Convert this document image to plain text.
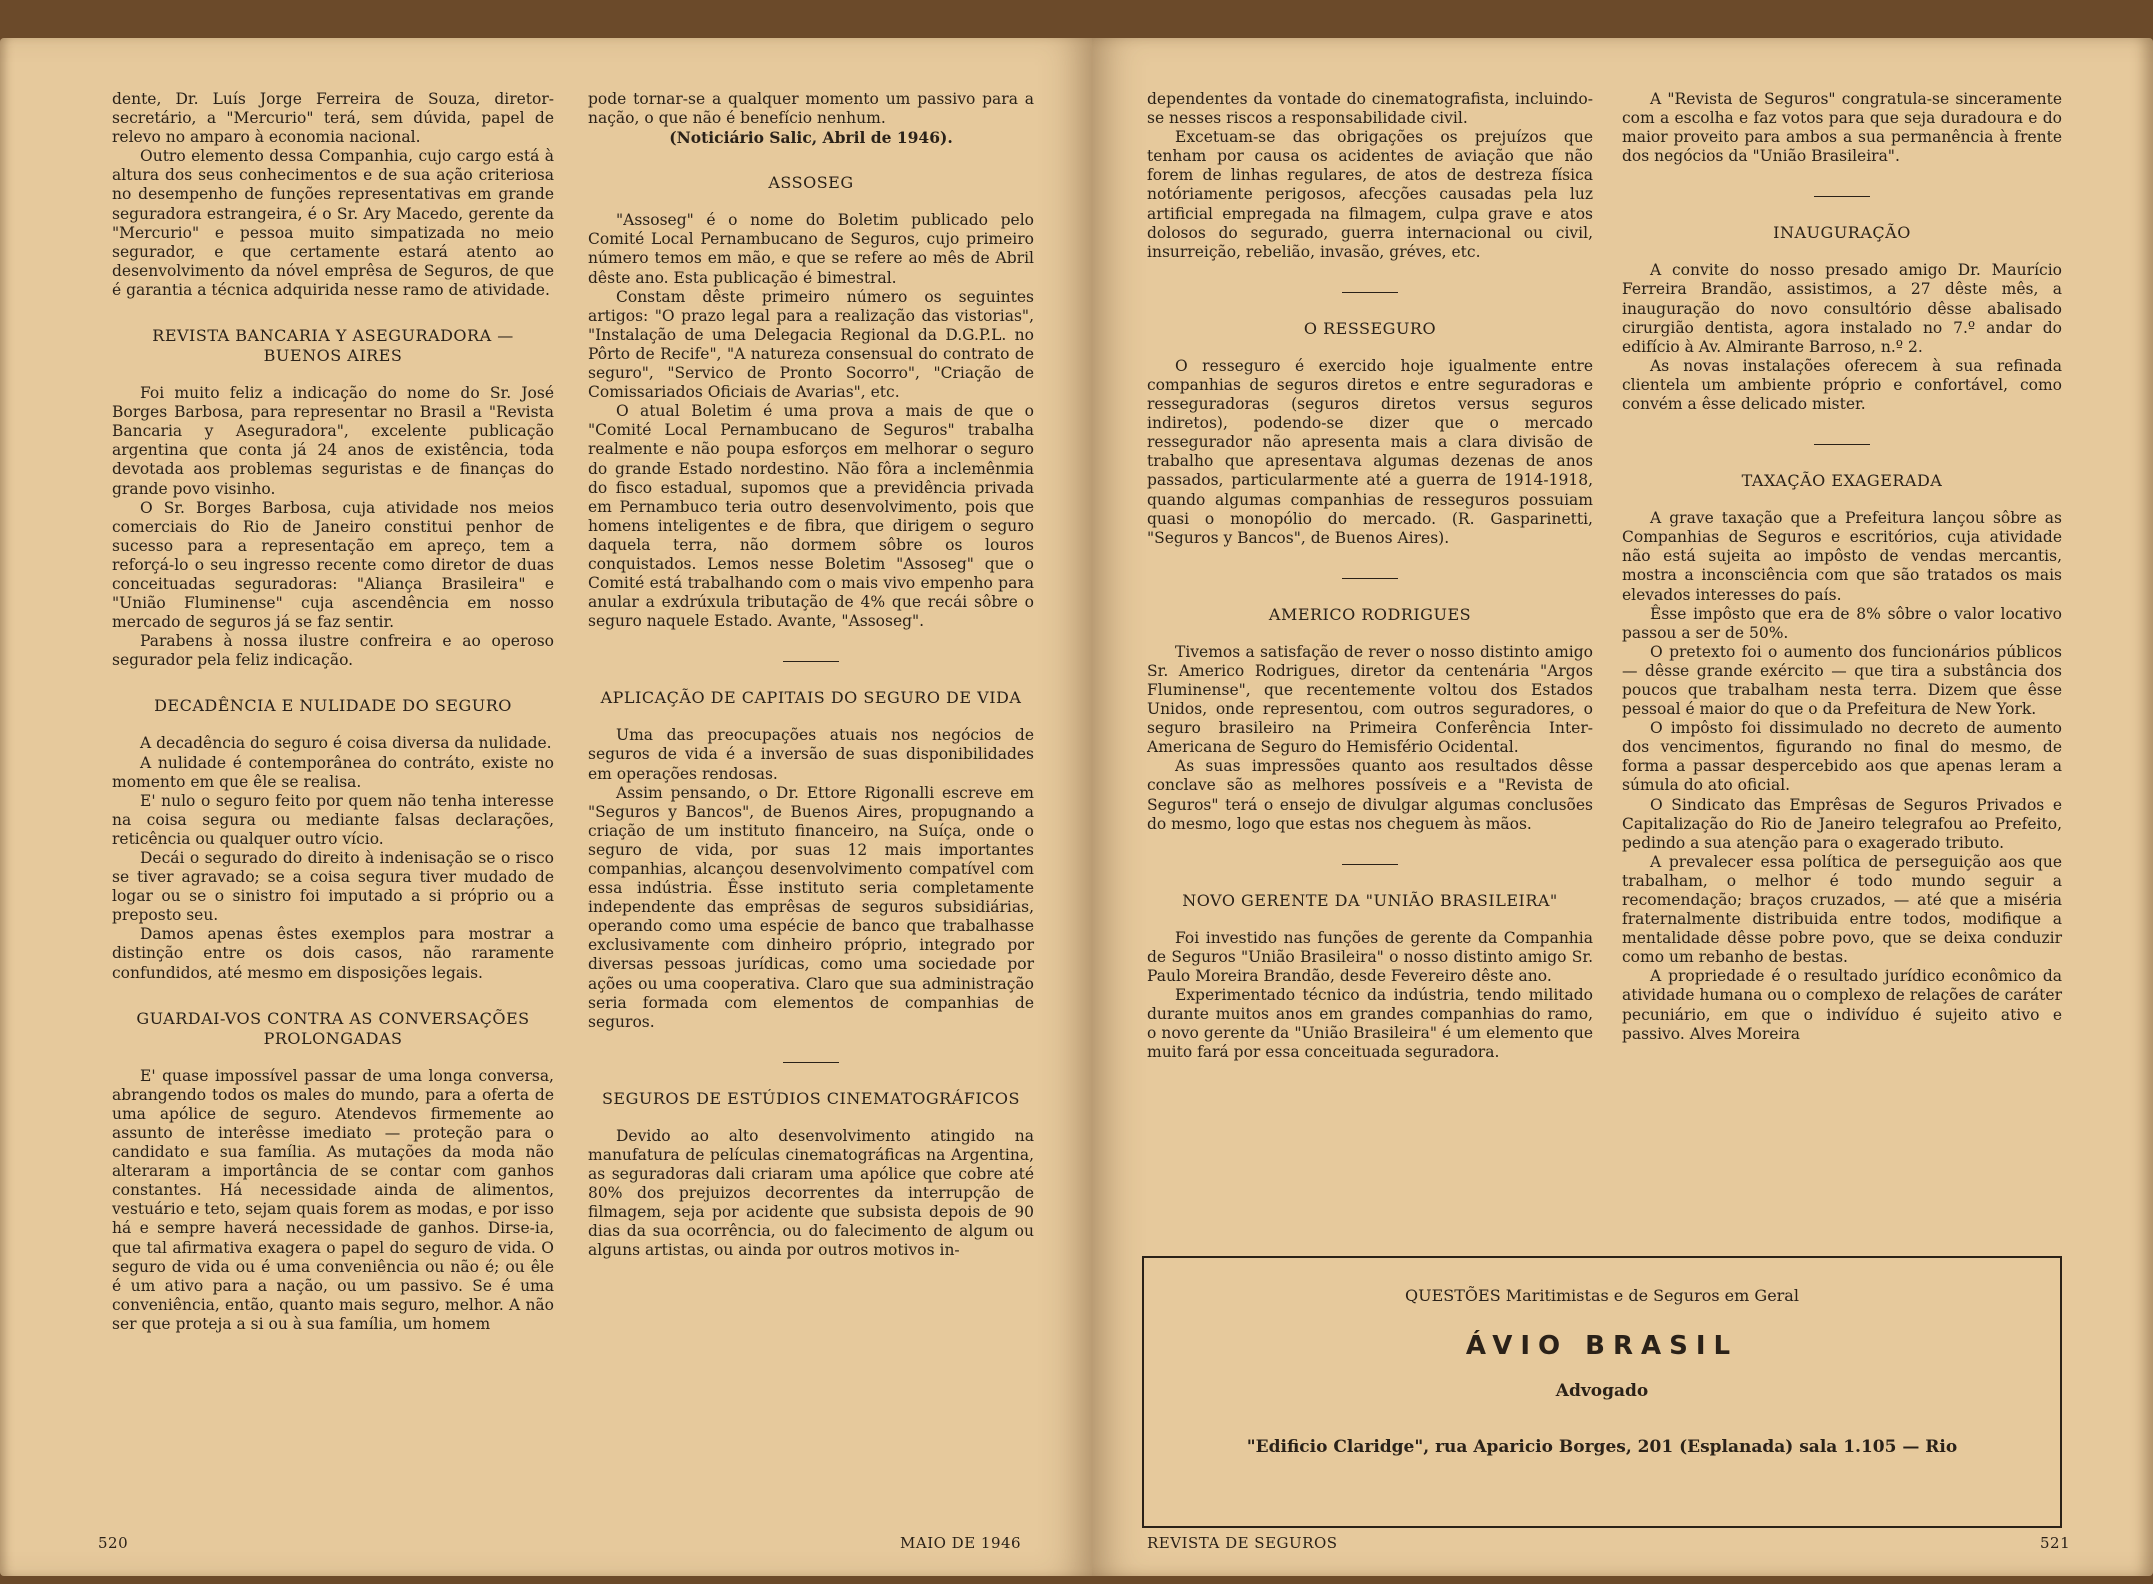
dente, Dr. Luís Jorge Ferreira de Souza, diretor-secretário, a "Mercurio" terá, sem dúvida, papel de relevo no amparo à economia nacional.

Outro elemento dessa Companhia, cujo cargo está à altura dos seus conhecimentos e de sua ação criteriosa no desempenho de funções representativas em grande seguradora estrangeira, é o Sr. Ary Macedo, gerente da "Mercurio" e pessoa muito simpatizada no meio segurador, e que certamente estará atento ao desenvolvimento da nóvel emprêsa de Seguros, de que é garantia a técnica adquirida nesse ramo de atividade.

REVISTA BANCARIA Y ASEGURADORA — BUENOS AIRES

Foi muito feliz a indicação do nome do Sr. José Borges Barbosa, para representar no Brasil a "Revista Bancaria y Aseguradora", excelente publicação argentina que conta já 24 anos de existência, toda devotada aos problemas seguristas e de finanças do grande povo visinho.

O Sr. Borges Barbosa, cuja atividade nos meios comerciais do Rio de Janeiro constitui penhor de sucesso para a representação em apreço, tem a reforçá-lo o seu ingresso recente como diretor de duas conceituadas seguradoras: "Aliança Brasileira" e "União Fluminense" cuja ascendência em nosso mercado de seguros já se faz sentir.

Parabens à nossa ilustre confreira e ao operoso segurador pela feliz indicação.

DECADÊNCIA E NULIDADE DO SEGURO

A decadência do seguro é coisa diversa da nulidade.

A nulidade é contemporânea do contráto, existe no momento em que êle se realisa.

E' nulo o seguro feito por quem não tenha interesse na coisa segura ou mediante falsas declarações, reticência ou qualquer outro vício.

Decái o segurado do direito à indenisação se o risco se tiver agravado; se a coisa segura tiver mudado de logar ou se o sinistro foi imputado a si próprio ou a preposto seu.

Damos apenas êstes exemplos para mostrar a distinção entre os dois casos, não raramente confundidos, até mesmo em disposições legais.

GUARDAI-VOS CONTRA AS CONVERSAÇÕES PROLONGADAS

E' quase impossível passar de uma longa conversa, abrangendo todos os males do mundo, para a oferta de uma apólice de seguro. Atendevos firmemente ao assunto de interêsse imediato — proteção para o candidato e sua família. As mutações da moda não alteraram a importância de se contar com ganhos constantes. Há necessidade ainda de alimentos, vestuário e teto, sejam quais forem as modas, e por isso há e sempre haverá necessidade de ganhos. Dirse-ia, que tal afirmativa exagera o papel do seguro de vida. O seguro de vida ou é uma conveniência ou não é; ou êle é um ativo para a nação, ou um passivo. Se é uma conveniência, então, quanto mais seguro, melhor. A não ser que proteja a si ou à sua família, um homem

pode tornar-se a qualquer momento um passivo para a nação, o que não é benefício nenhum.

(Noticiário Salic, Abril de 1946).

ASSOSEG

"Assoseg" é o nome do Boletim publicado pelo Comité Local Pernambucano de Seguros, cujo primeiro número temos em mão, e que se refere ao mês de Abril dêste ano. Esta publicação é bimestral.

Constam dêste primeiro número os seguintes artigos: "O prazo legal para a realização das vistorias", "Instalação de uma Delegacia Regional da D.G.P.L. no Pôrto de Recife", "A natureza consensual do contrato de seguro", "Servico de Pronto Socorro", "Criação de Comissariados Oficiais de Avarias", etc.

O atual Boletim é uma prova a mais de que o "Comité Local Pernambucano de Seguros" trabalha realmente e não poupa esforços em melhorar o seguro do grande Estado nordestino. Não fôra a inclemênmia do fisco estadual, supomos que a previdência privada em Pernambuco teria outro desenvolvimento, pois que homens inteligentes e de fibra, que dirigem o seguro daquela terra, não dormem sôbre os louros conquistados. Lemos nesse Boletim "Assoseg" que o Comité está trabalhando com o mais vivo empenho para anular a exdrúxula tributação de 4% que recái sôbre o seguro naquele Estado. Avante, "Assoseg".

APLICAÇÃO DE CAPITAIS DO SEGURO DE VIDA

Uma das preocupações atuais nos negócios de seguros de vida é a inversão de suas disponibilidades em operações rendosas.

Assim pensando, o Dr. Ettore Rigonalli escreve em "Seguros y Bancos", de Buenos Aires, propugnando a criação de um instituto financeiro, na Suíça, onde o seguro de vida, por suas 12 mais importantes companhias, alcançou desenvolvimento compatível com essa indústria. Êsse instituto seria completamente independente das emprêsas de seguros subsidiárias, operando como uma espécie de banco que trabalhasse exclusivamente com dinheiro próprio, integrado por diversas pessoas jurídicas, como uma sociedade por ações ou uma cooperativa. Claro que sua administração seria formada com elementos de companhias de seguros.

SEGUROS DE ESTÚDIOS CINEMATOGRÁFICOS

Devido ao alto desenvolvimento atingido na manufatura de películas cinematográficas na Argentina, as seguradoras dali criaram uma apólice que cobre até 80% dos prejuizos decorrentes da interrupção de filmagem, seja por acidente que subsista depois de 90 dias da sua ocorrência, ou do falecimento de algum ou alguns artistas, ou ainda por outros motivos in-

520	MAIO DE 1946

dependentes da vontade do cinematografista, incluindo-se nesses riscos a responsabilidade civil.

Excetuam-se das obrigações os prejuízos que tenham por causa os acidentes de aviação que não forem de linhas regulares, de atos de destreza física notóriamente perigosos, afecções causadas pela luz artificial empregada na filmagem, culpa grave e atos dolosos do segurado, guerra internacional ou civil, insurreição, rebelião, invasão, gréves, etc.

O RESSEGURO

O resseguro é exercido hoje igualmente entre companhias de seguros diretos e entre seguradoras e resseguradoras (seguros diretos versus seguros indiretos), podendo-se dizer que o mercado ressegurador não apresenta mais a clara divisão de trabalho que apresentava algumas dezenas de anos passados, particularmente até a guerra de 1914-1918, quando algumas companhias de resseguros possuiam quasi o monopólio do mercado. (R. Gasparinetti, "Seguros y Bancos", de Buenos Aires).

AMERICO RODRIGUES

Tivemos a satisfação de rever o nosso distinto amigo Sr. Americo Rodrigues, diretor da centenária "Argos Fluminense", que recentemente voltou dos Estados Unidos, onde representou, com outros seguradores, o seguro brasileiro na Primeira Conferência Inter-Americana de Seguro do Hemisfério Ocidental.

As suas impressões quanto aos resultados dêsse conclave são as melhores possíveis e a "Revista de Seguros" terá o ensejo de divulgar algumas conclusões do mesmo, logo que estas nos cheguem às mãos.

NOVO GERENTE DA "UNIÃO BRASILEIRA"

Foi investido nas funções de gerente da Companhia de Seguros "União Brasileira" o nosso distinto amigo Sr. Paulo Moreira Brandão, desde Fevereiro dêste ano.

Experimentado técnico da indústria, tendo militado durante muitos anos em grandes companhias do ramo, o novo gerente da "União Brasileira" é um elemento que muito fará por essa conceituada seguradora.

A "Revista de Seguros" congratula-se sinceramente com a escolha e faz votos para que seja duradoura e do maior proveito para ambos a sua permanência à frente dos negócios da "União Brasileira".

INAUGURAÇÃO

A convite do nosso presado amigo Dr. Maurício Ferreira Brandão, assistimos, a 27 dêste mês, a inauguração do novo consultório dêsse abalisado cirurgião dentista, agora instalado no 7.º andar do edifício à Av. Almirante Barroso, n.º 2.

As novas instalações oferecem à sua refinada clientela um ambiente próprio e confortável, como convém a êsse delicado mister.

TAXAÇÃO EXAGERADA

A grave taxação que a Prefeitura lançou sôbre as Companhias de Seguros e escritórios, cuja atividade não está sujeita ao impôsto de vendas mercantis, mostra a inconsciência com que são tratados os mais elevados interesses do país.

Êsse impôsto que era de 8% sôbre o valor locativo passou a ser de 50%.

O pretexto foi o aumento dos funcionários públicos — dêsse grande exército — que tira a substância dos poucos que trabalham nesta terra. Dizem que êsse pessoal é maior do que o da Prefeitura de New York.

O impôsto foi dissimulado no decreto de aumento dos vencimentos, figurando no final do mesmo, de forma a passar despercebido aos que apenas leram a súmula do ato oficial.

O Sindicato das Emprêsas de Seguros Privados e Capitalização do Rio de Janeiro telegrafou ao Prefeito, pedindo a sua atenção para o exagerado tributo.

A prevalecer essa política de perseguição aos que trabalham, o melhor é todo mundo seguir a recomendação; braços cruzados, — até que a miséria fraternalmente distribuida entre todos, modifique a mentalidade dêsse pobre povo, que se deixa conduzir como um rebanho de bestas.

A propriedade é o resultado jurídico econômico da atividade humana ou o complexo de relações de caráter pecuniário, em que o indivíduo é sujeito ativo e passivo. Alves Moreira

QUESTÕES Maritimistas e de Seguros em Geral
ÁVIO BRASIL
Advogado
"Edificio Claridge", rua Aparicio Borges, 201 (Esplanada) sala 1.105 — Rio
REVISTA DE SEGUROS	521
